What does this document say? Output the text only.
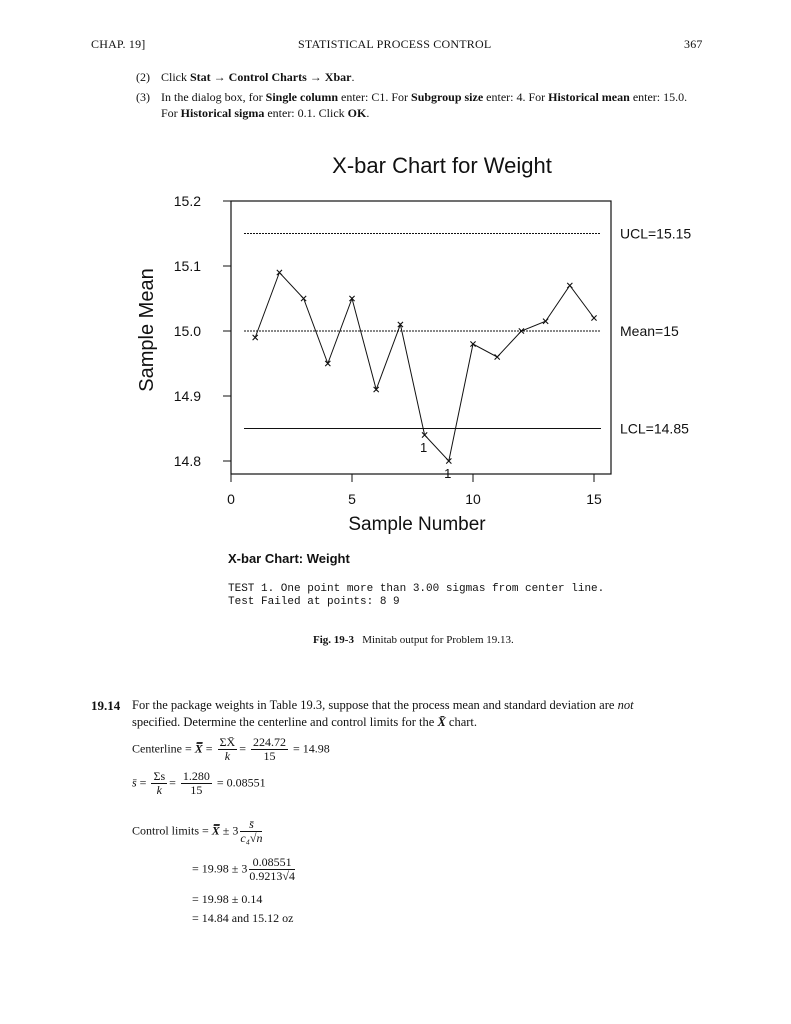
CHAP. 19]	STATISTICAL PROCESS CONTROL	367
(2) Click Stat → Control Charts → Xbar.
(3) In the dialog box, for Single column enter: C1. For Subgroup size enter: 4. For Historical mean enter: 15.0.
For Historical sigma enter: 0.1. Click OK.
X-bar Chart for Weight
Sample Mean
Sample Number
15.2
15.1
15.0
14.9
14.8
0	5	10	15
UCL=15.15
Mean=15
LCL=14.85
1
1
X-bar Chart: Weight
TEST 1. One point more than 3.00 sigmas from center line.
Test Failed at points: 8 9
Fig. 19-3 Minitab output for Problem 19.13.
19.14 For the package weights in Table 19.3, suppose that the process mean and standard deviation are not
specified. Determine the centerline and control limits for the X̄ chart.
Centerline = X̿ = $\frac{\Sigma X̄}{k} = \frac{224.72}{15} = 14.98$
s̄ = $\frac{\Sigma s}{k} = \frac{1.280}{15} = 0.08551$
Control limits = X̿ ± $3 \frac{s̄}{\text{c₄√n}}$
= $19.98 \pm 3 \frac{0.08551}{0.9213√4}$
= 19.98 ± 0.14
= 14.84 and 15.12 oz
